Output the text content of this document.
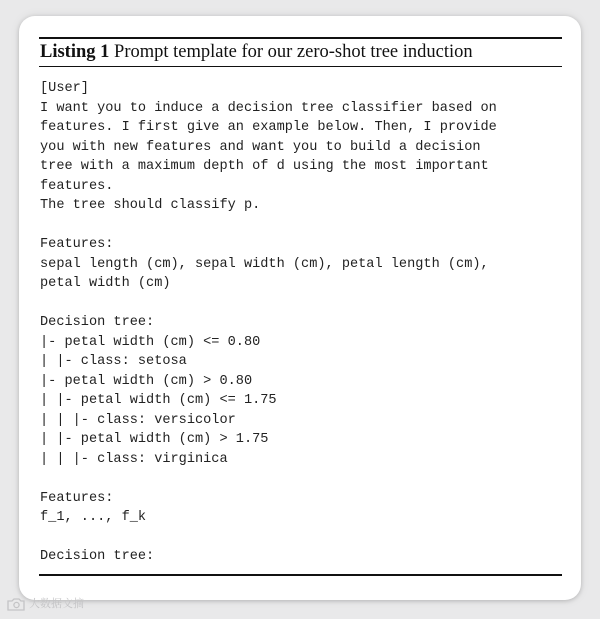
Listing 1 Prompt template for our zero-shot tree induction
[User]
I want you to induce a decision tree classifier based on
features. I first give an example below. Then, I provide
you with new features and want you to build a decision
tree with a maximum depth of d using the most important
features.
The tree should classify p.
Features:
sepal length (cm), sepal width (cm), petal length (cm),
petal width (cm)
Decision tree:
|- petal width (cm) <= 0.80
| |- class: setosa
|- petal width (cm) > 0.80
| |- petal width (cm) <= 1.75
| | |- class: versicolor
| |- petal width (cm) > 1.75
| | |- class: virginica
Features:
f_1, ..., f_k
Decision tree:
大数据文摘
